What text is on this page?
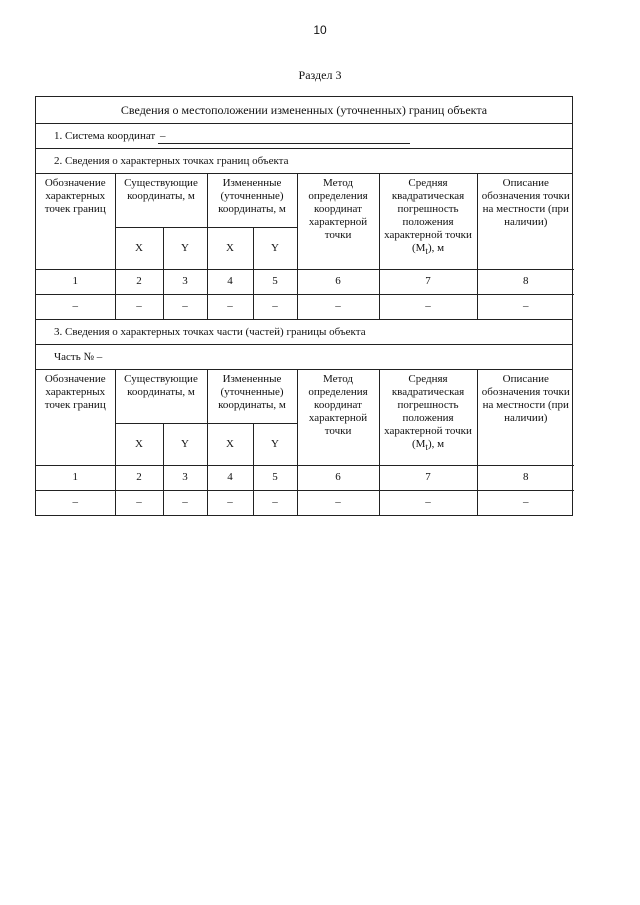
10
Раздел 3
Сведения о местоположении измененных (уточненных) границ объекта
1. Система координат –
2. Сведения о характерных точках границ объекта
Обозначение характерных точек границ	Существующие координаты, м		Измененные (уточненные) координаты, м		Метод определения координат характерной точки	Средняя квадратическая погрешность положения характерной точки $(M_t)$, м	Описание обозначения точки на местности (при наличии)
	X	Y	X	Y			
1	2	3	4	5	6	7	8
–	–	–	–	–	–	–	–
3. Сведения о характерных точках части (частей) границы объекта
Часть № –
Обозначение характерных точек границ	Существующие координаты, м		Измененные (уточненные) координаты, м		Метод определения координат характерной точки	Средняя квадратическая погрешность положения характерной точки $(M_t)$, м	Описание обозначения точки на местности (при наличии)
	X	Y	X	Y			
1	2	3	4	5	6	7	8
–	–	–	–	–	–	–	–
